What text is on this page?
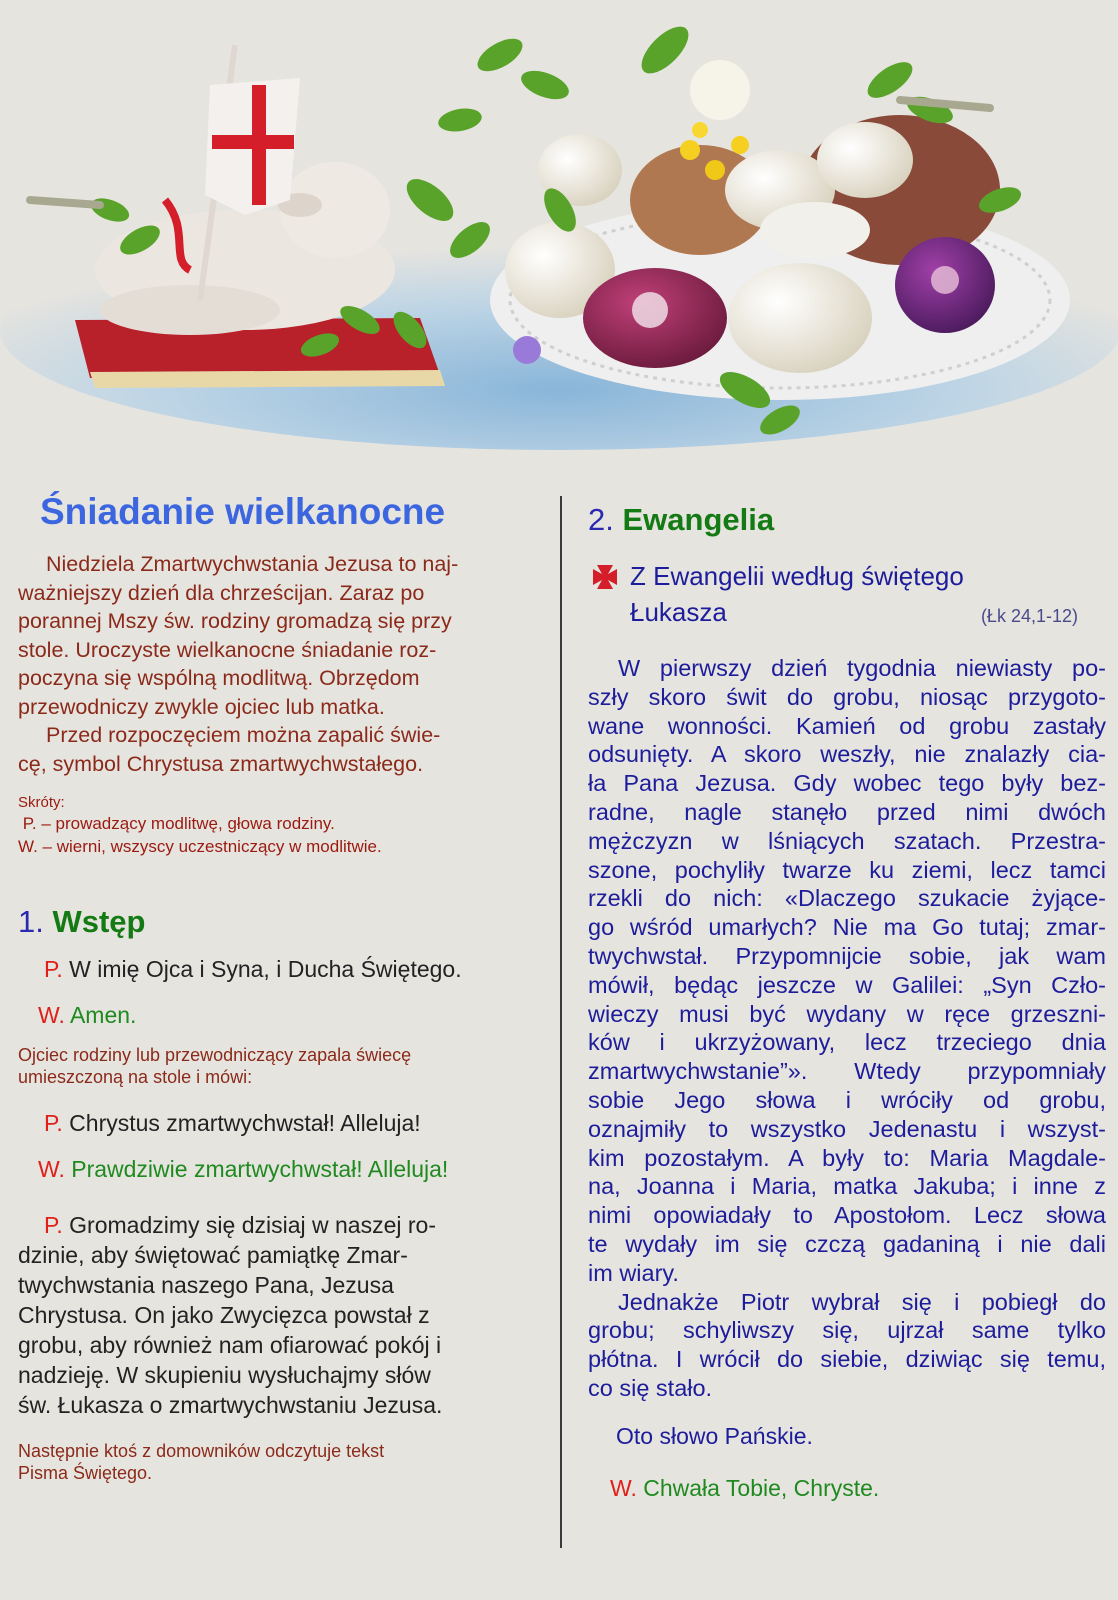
Śniadanie wielkanocne
Niedziela Zmartwychwstania Jezusa to naj-
ważniejszy dzień dla chrześcijan. Zaraz po
porannej Mszy św. rodziny gromadzą się przy
stole. Uroczyste wielkanocne śniadanie roz-
poczyna się wspólną modlitwą. Obrzędom
przewodniczy zwykle ojciec lub matka.
Przed rozpoczęciem można zapalić świe-
cę, symbol Chrystusa zmartwychwstałego.
Skróty:
P. – prowadzący modlitwę, głowa rodziny.
W. – wierni, wszyscy uczestniczący w modlitwie.
1. Wstęp
P. W imię Ojca i Syna, i Ducha Świętego.
W. Amen.
Ojciec rodziny lub przewodniczący zapala świecę
umieszczoną na stole i mówi:
P. Chrystus zmartwychwstał! Alleluja!
W. Prawdziwie zmartwychwstał! Alleluja!
P. Gromadzimy się dzisiaj w naszej ro-
dzinie, aby świętować pamiątkę Zmar-
twychwstania naszego Pana, Jezusa
Chrystusa. On jako Zwycięzca powstał z
grobu, aby również nam ofiarować pokój i
nadzieję. W skupieniu wysłuchajmy słów
św. Łukasza o zmartwychwstaniu Jezusa.
Następnie ktoś z domowników odczytuje tekst
Pisma Świętego.
2. Ewangelia
Z Ewangelii według świętego
Łukasza	(Łk 24,1-12)
W pierwszy dzień tygodnia niewiasty po-
szły skoro świt do grobu, niosąc przygoto-
wane wonności. Kamień od grobu zastały
odsunięty. A skoro weszły, nie znalazły cia-
ła Pana Jezusa. Gdy wobec tego były bez-
radne, nagle stanęło przed nimi dwóch
mężczyzn w lśniących szatach. Przestra-
szone, pochyliły twarze ku ziemi, lecz tamci
rzekli do nich: «Dlaczego szukacie żyjące-
go wśród umarłych? Nie ma Go tutaj; zmar-
twychwstał. Przypomnijcie sobie, jak wam
mówił, będąc jeszcze w Galilei: „Syn Czło-
wieczy musi być wydany w ręce grzeszni-
ków i ukrzyżowany, lecz trzeciego dnia
zmartwychwstanie”». Wtedy przypomniały
sobie Jego słowa i wróciły od grobu,
oznajmiły to wszystko Jedenastu i wszyst-
kim pozostałym. A były to: Maria Magdale-
na, Joanna i Maria, matka Jakuba; i inne z
nimi opowiadały to Apostołom. Lecz słowa
te wydały im się czczą gadaniną i nie dali
im wiary.
Jednakże Piotr wybrał się i pobiegł do
grobu; schyliwszy się, ujrzał same tylko
płótna. I wrócił do siebie, dziwiąc się temu,
co się stało.
Oto słowo Pańskie.
W. Chwała Tobie, Chryste.
